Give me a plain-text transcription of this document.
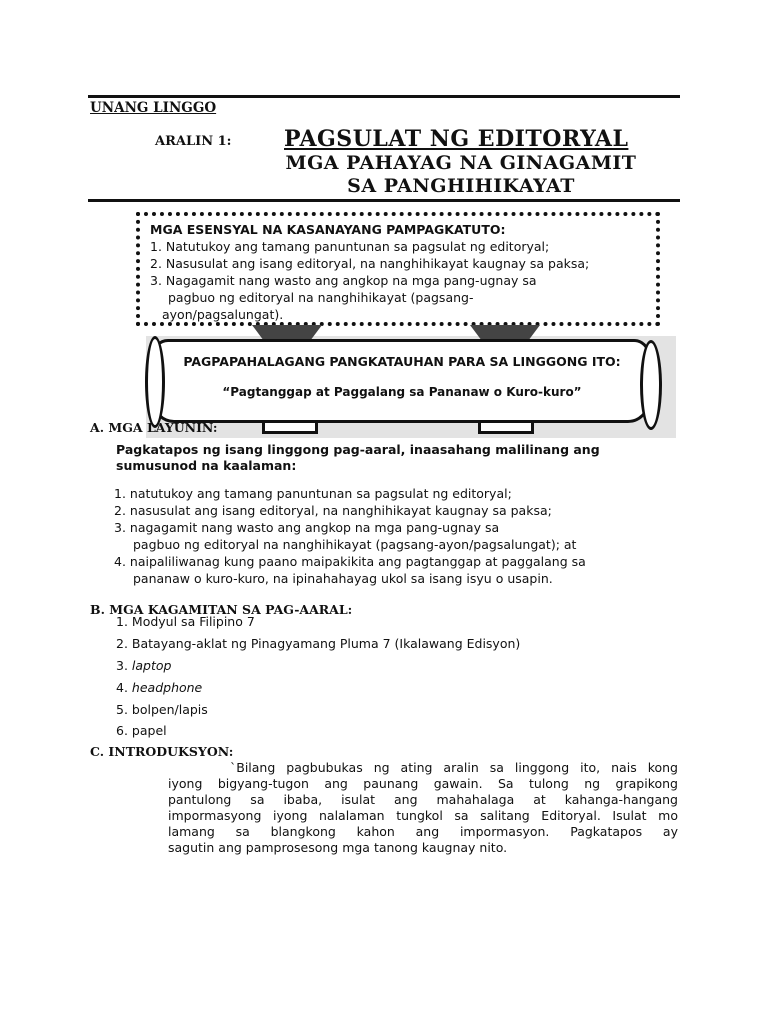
UNANG LINGGO
ARALIN 1: PAGSULAT NG EDITORYAL
MGA PAHAYAG NA GINAGAMIT
SA PANGHIHIKAYAT
MGA ESENSYAL NA KASANAYANG PAMPAGKATUTO:
1. Natutukoy ang tamang panuntunan sa pagsulat ng editoryal;
2. Nasusulat ang isang editoryal, na nanghihikayat kaugnay sa paksa;
3. Nagagamit nang wasto ang angkop na mga pang-ugnay sa
pagbuo ng editoryal na nanghihikayat (pagsang-
ayon/pagsalungat).
PAGPAPAHALAGANG PANGKATAUHAN PARA SA LINGGONG ITO:
“Pagtanggap at Paggalang sa Pananaw o Kuro-kuro”
A. MGA LAYUNIN:
Pagkatapos ng isang linggong pag-aaral, inaasahang malilinang ang
sumusunod na kaalaman:
1. natutukoy ang tamang panuntunan sa pagsulat ng editoryal;
2. nasusulat ang isang editoryal, na nanghihikayat kaugnay sa paksa;
3. nagagamit nang wasto ang angkop na mga pang-ugnay sa
pagbuo ng editoryal na nanghihikayat (pagsang-ayon/pagsalungat); at
4. naipaliliwanag kung paano maipakikita ang pagtanggap at paggalang sa
pananaw o kuro-kuro, na ipinahahayag ukol sa isang isyu o usapin.
B. MGA KAGAMITAN SA PAG-AARAL:
1. Modyul sa Filipino 7
2. Batayang-aklat ng Pinagyamang Pluma 7 (Ikalawang Edisyon)
3. laptop
4. headphone
5. bolpen/lapis
6. papel
C. INTRODUKSYON:
`Bilang pagbubukas ng ating aralin sa linggong ito, nais kong
iyong bigyang-tugon ang paunang gawain. Sa tulong ng grapikong
pantulong sa ibaba, isulat ang mahahalaga at kahanga-hangang
impormasyong iyong nalalaman tungkol sa salitang Editoryal. Isulat mo
lamang sa blangkong kahon ang impormasyon. Pagkatapos ay
sagutin ang pamprosesong mga tanong kaugnay nito.
